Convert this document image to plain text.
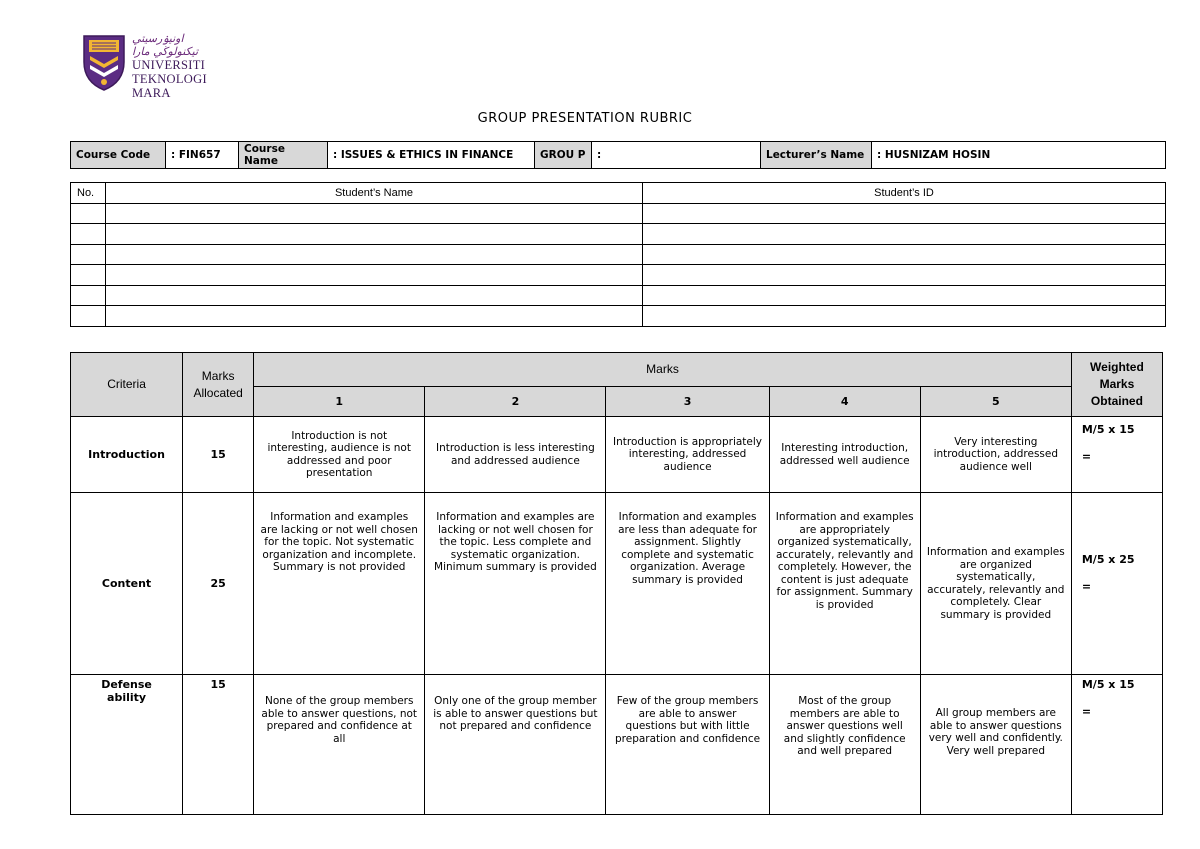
اونيۏرسيتي تيكنولوڬي مارا
UNIVERSITI
TEKNOLOGI
MARA
GROUP PRESENTATION RUBRIC
Course Code	: FIN657	Course Name	: ISSUES & ETHICS IN FINANCE	GROU P	:	Lecturer’s Name	: HUSNIZAM HOSIN
No.	Student’s Name	Student’s ID

Criteria	Marks Allocated	Marks					Weighted Marks Obtained
		1	2	3	4	5	
Introduction	15	Introduction is not interesting, audience is not addressed and poor presentation	Introduction is less interesting and addressed audience	Introduction is appropriately interesting, addressed audience	Interesting introduction, addressed well audience	Very interesting introduction, addressed audience well	M/5 x 15
=

Content	25	Information and examples are lacking or not well chosen for the topic. Not systematic organization and incomplete. Summary is not provided	Information and examples are lacking or not well chosen for the topic. Less complete and systematic organization. Minimum summary is provided	Information and examples are less than adequate for assignment. Slightly complete and systematic organization. Average summary is provided	Information and examples are appropriately organized systematically, accurately, relevantly and completely. However, the content is just adequate for assignment. Summary is provided	Information and examples are organized systematically, accurately, relevantly and completely. Clear summary is provided	M/5 x 25
=

Defense ability	15	None of the group members able to answer questions, not prepared and confidence at all	Only one of the group member is able to answer questions but not prepared and confidence	Few of the group members are able to answer questions but with little preparation and confidence	Most of the group members are able to answer questions well and slightly confidence and well prepared	All group members are able to answer questions very well and confidently. Very well prepared	M/5 x 15
=
